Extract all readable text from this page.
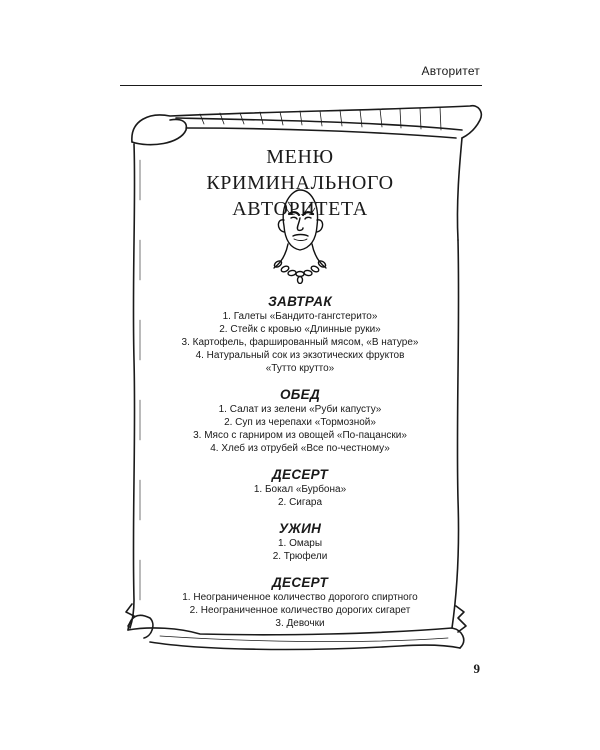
Авторитет
МЕНЮ
КРИМИНАЛЬНОГО АВТОРИТЕТА
ЗАВТРАК
1. Галеты «Бандито-гангстерито»
2. Стейк с кровью «Длинные руки»
3. Картофель, фаршированный мясом, «В натуре»
4. Натуральный сок из экзотических фруктов
«Тутто крутто»
ОБЕД
1. Салат из зелени «Руби капусту»
2. Суп из черепахи «Тормозной»
3. Мясо с гарниром из овощей «По-пацански»
4. Хлеб из отрубей «Все по-честному»
ДЕСЕРТ
1. Бокал «Бурбона»
2. Сигара
УЖИН
1. Омары
2. Трюфели
ДЕСЕРТ
1. Неограниченное количество дорогого спиртного
2. Неограниченное количество дорогих сигарет
3. Девочки
9
